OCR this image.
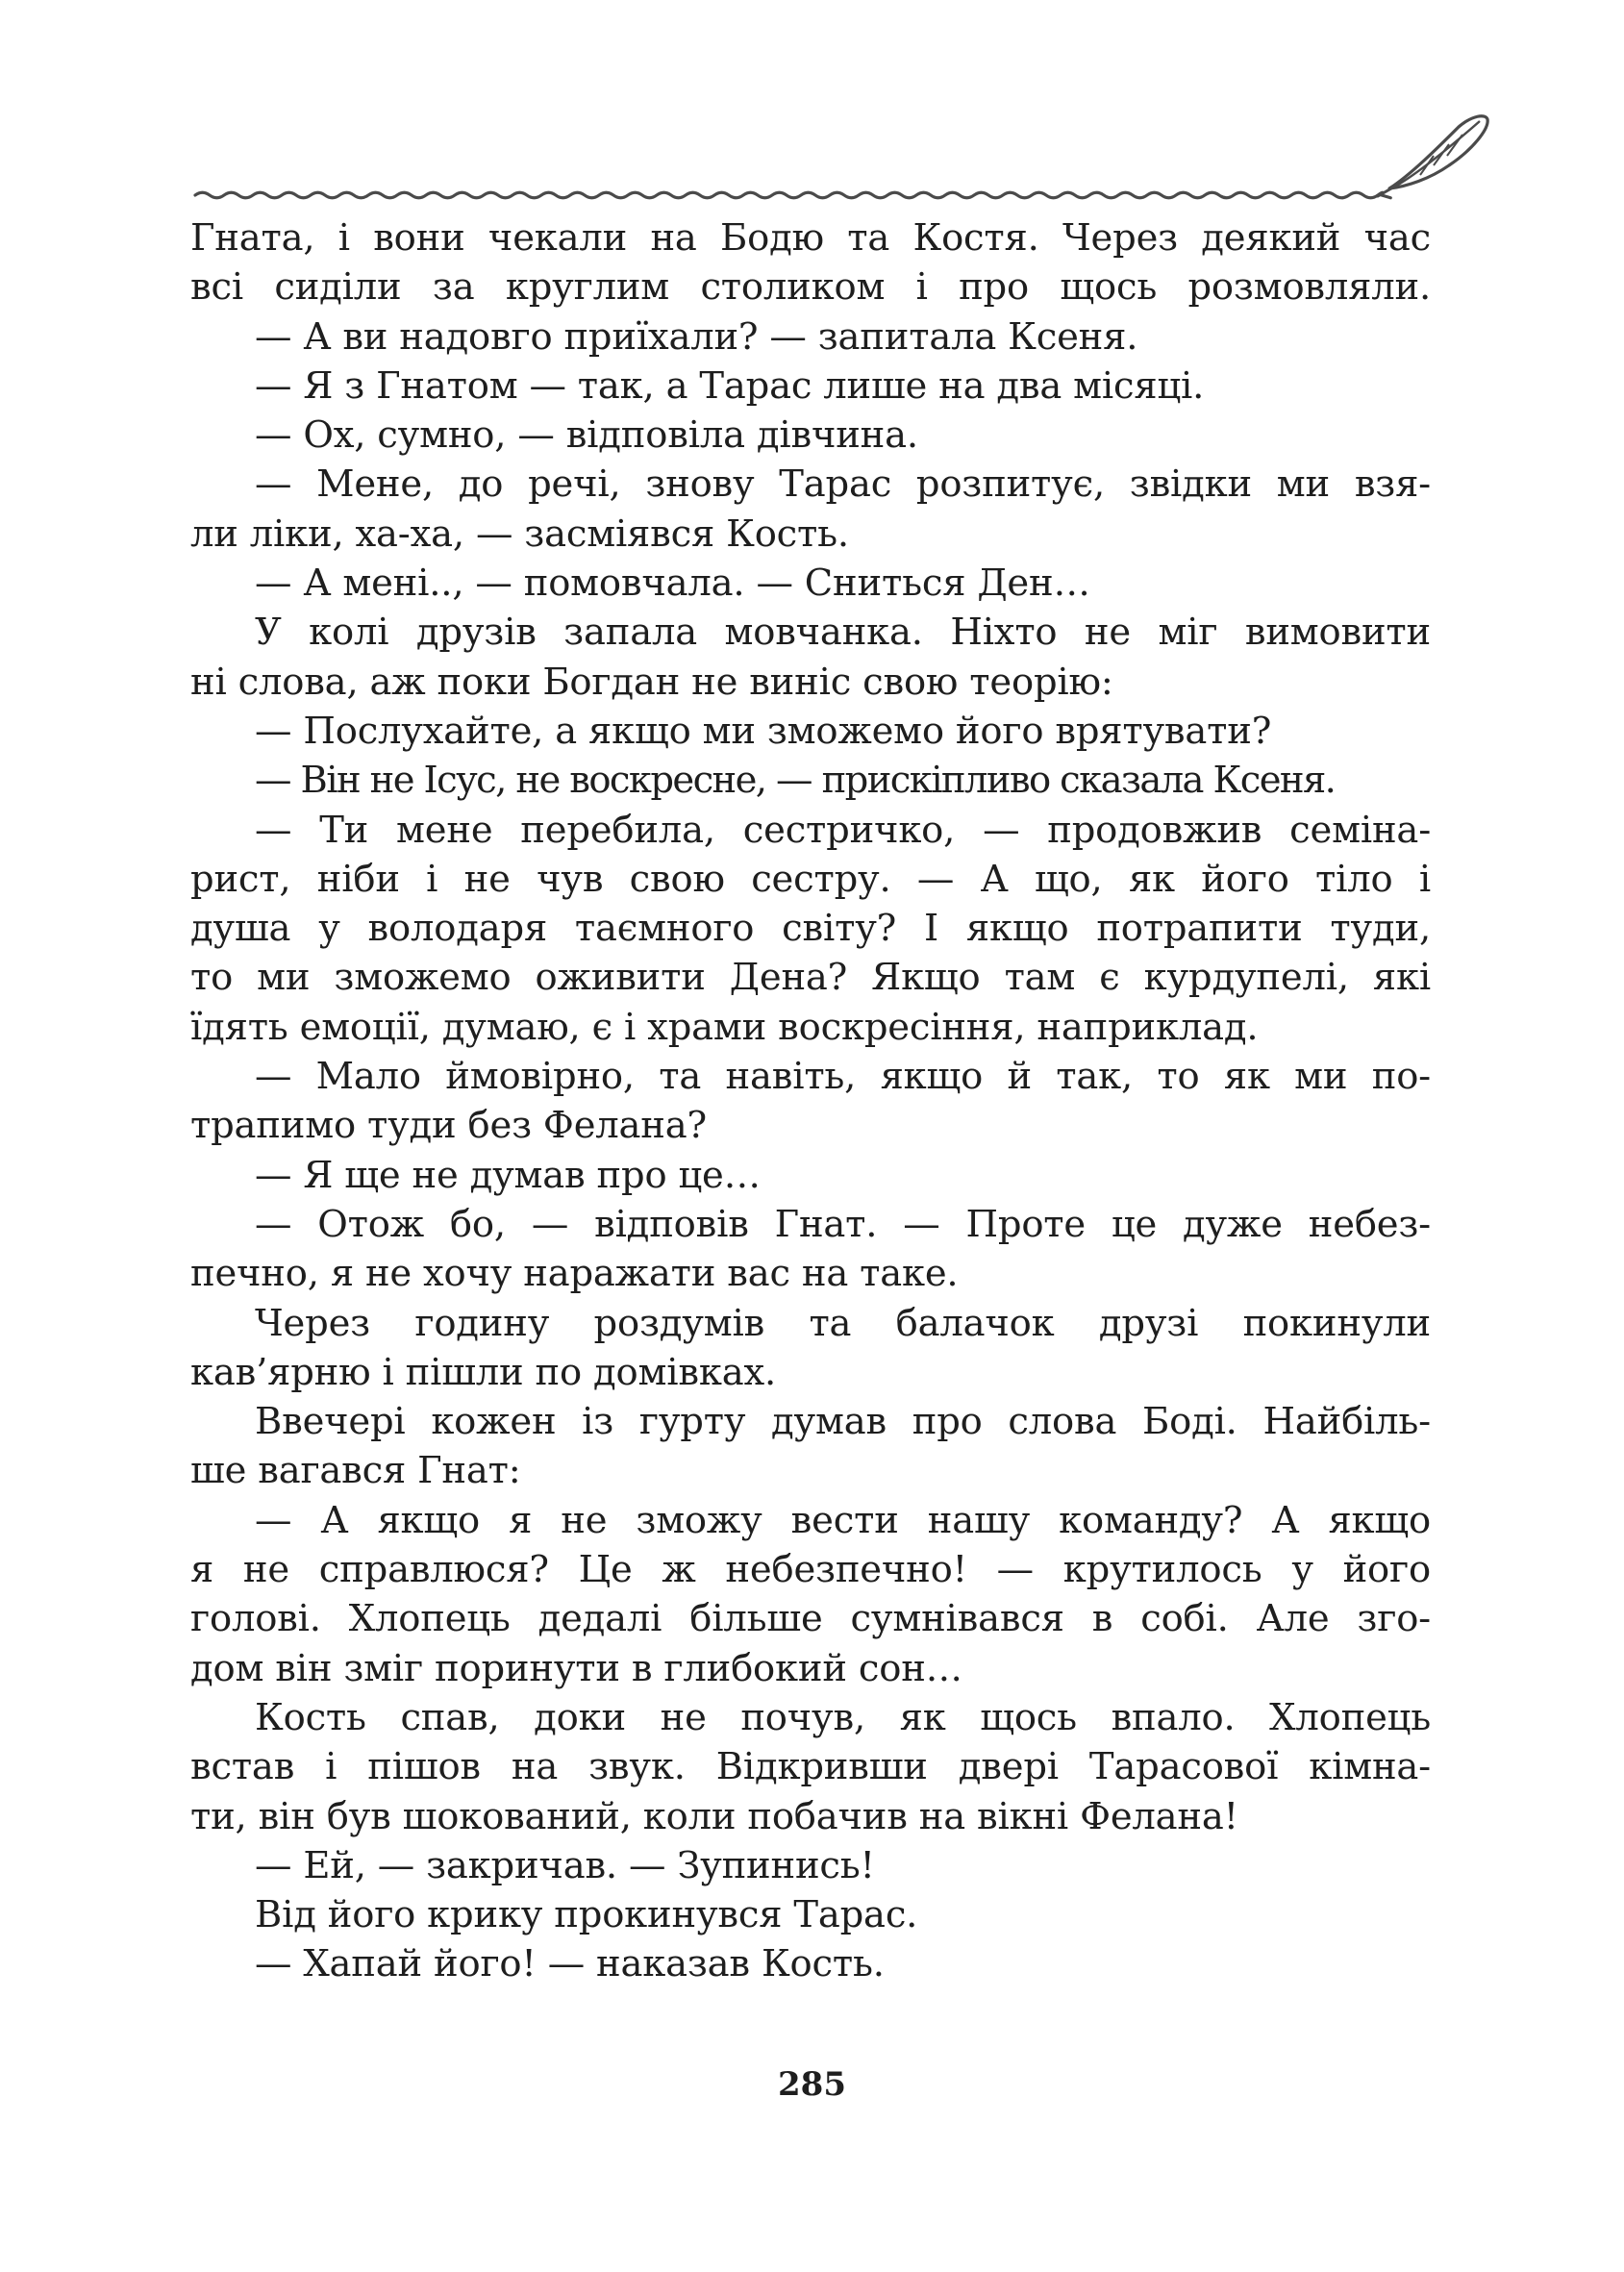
Гната, і вони чекали на Бодю та Костя. Через деякий час
всі сиділи за круглим столиком і про щось розмовляли.
— А ви надовго приїхали? — запитала Ксеня.
— Я з Гнатом — так, а Тарас лише на два місяці.
— Ох, сумно, — відповіла дівчина.
— Мене, до речі, знову Тарас розпитує, звідки ми взя-
ли ліки, ха-ха, — засміявся Кость.
— А мені.., — помовчала. — Сниться Ден…
У колі друзів запала мовчанка. Ніхто не міг вимовити
ні слова, аж поки Богдан не виніс свою теорію:
— Послухайте, а якщо ми зможемо його врятувати?
— Він не Ісус, не воскресне, — прискіпливо сказала Ксеня.
— Ти мене перебила, сестричко, — продовжив семіна-
рист, ніби і не чув свою сестру. — А що, як його тіло і
душа у володаря таємного світу? І якщо потрапити туди,
то ми зможемо оживити Дена? Якщо там є курдупелі, які
їдять емоції, думаю, є і храми воскресіння, наприклад.
— Мало ймовірно, та навіть, якщо й так, то як ми по-
трапимо туди без Фелана?
— Я ще не думав про це…
— Отож бо, — відповів Гнат. — Проте це дуже небез-
печно, я не хочу наражати вас на таке.
Через годину роздумів та балачок друзі покинули
кав’ярню і пішли по домівках.
Ввечері кожен із гурту думав про слова Боді. Найбіль-
ше вагався Гнат:
— А якщо я не зможу вести нашу команду? А якщо
я не справлюся? Це ж небезпечно! — крутилось у його
голові. Хлопець дедалі більше сумнівався в собі. Але зго-
дом він зміг поринути в глибокий сон…
Кость спав, доки не почув, як щось впало. Хлопець
встав і пішов на звук. Відкривши двері Тарасової кімна-
ти, він був шокований, коли побачив на вікні Фелана!
— Ей, — закричав. — Зупинись!
Від його крику прокинувся Тарас.
— Хапай його! — наказав Кость.
285
